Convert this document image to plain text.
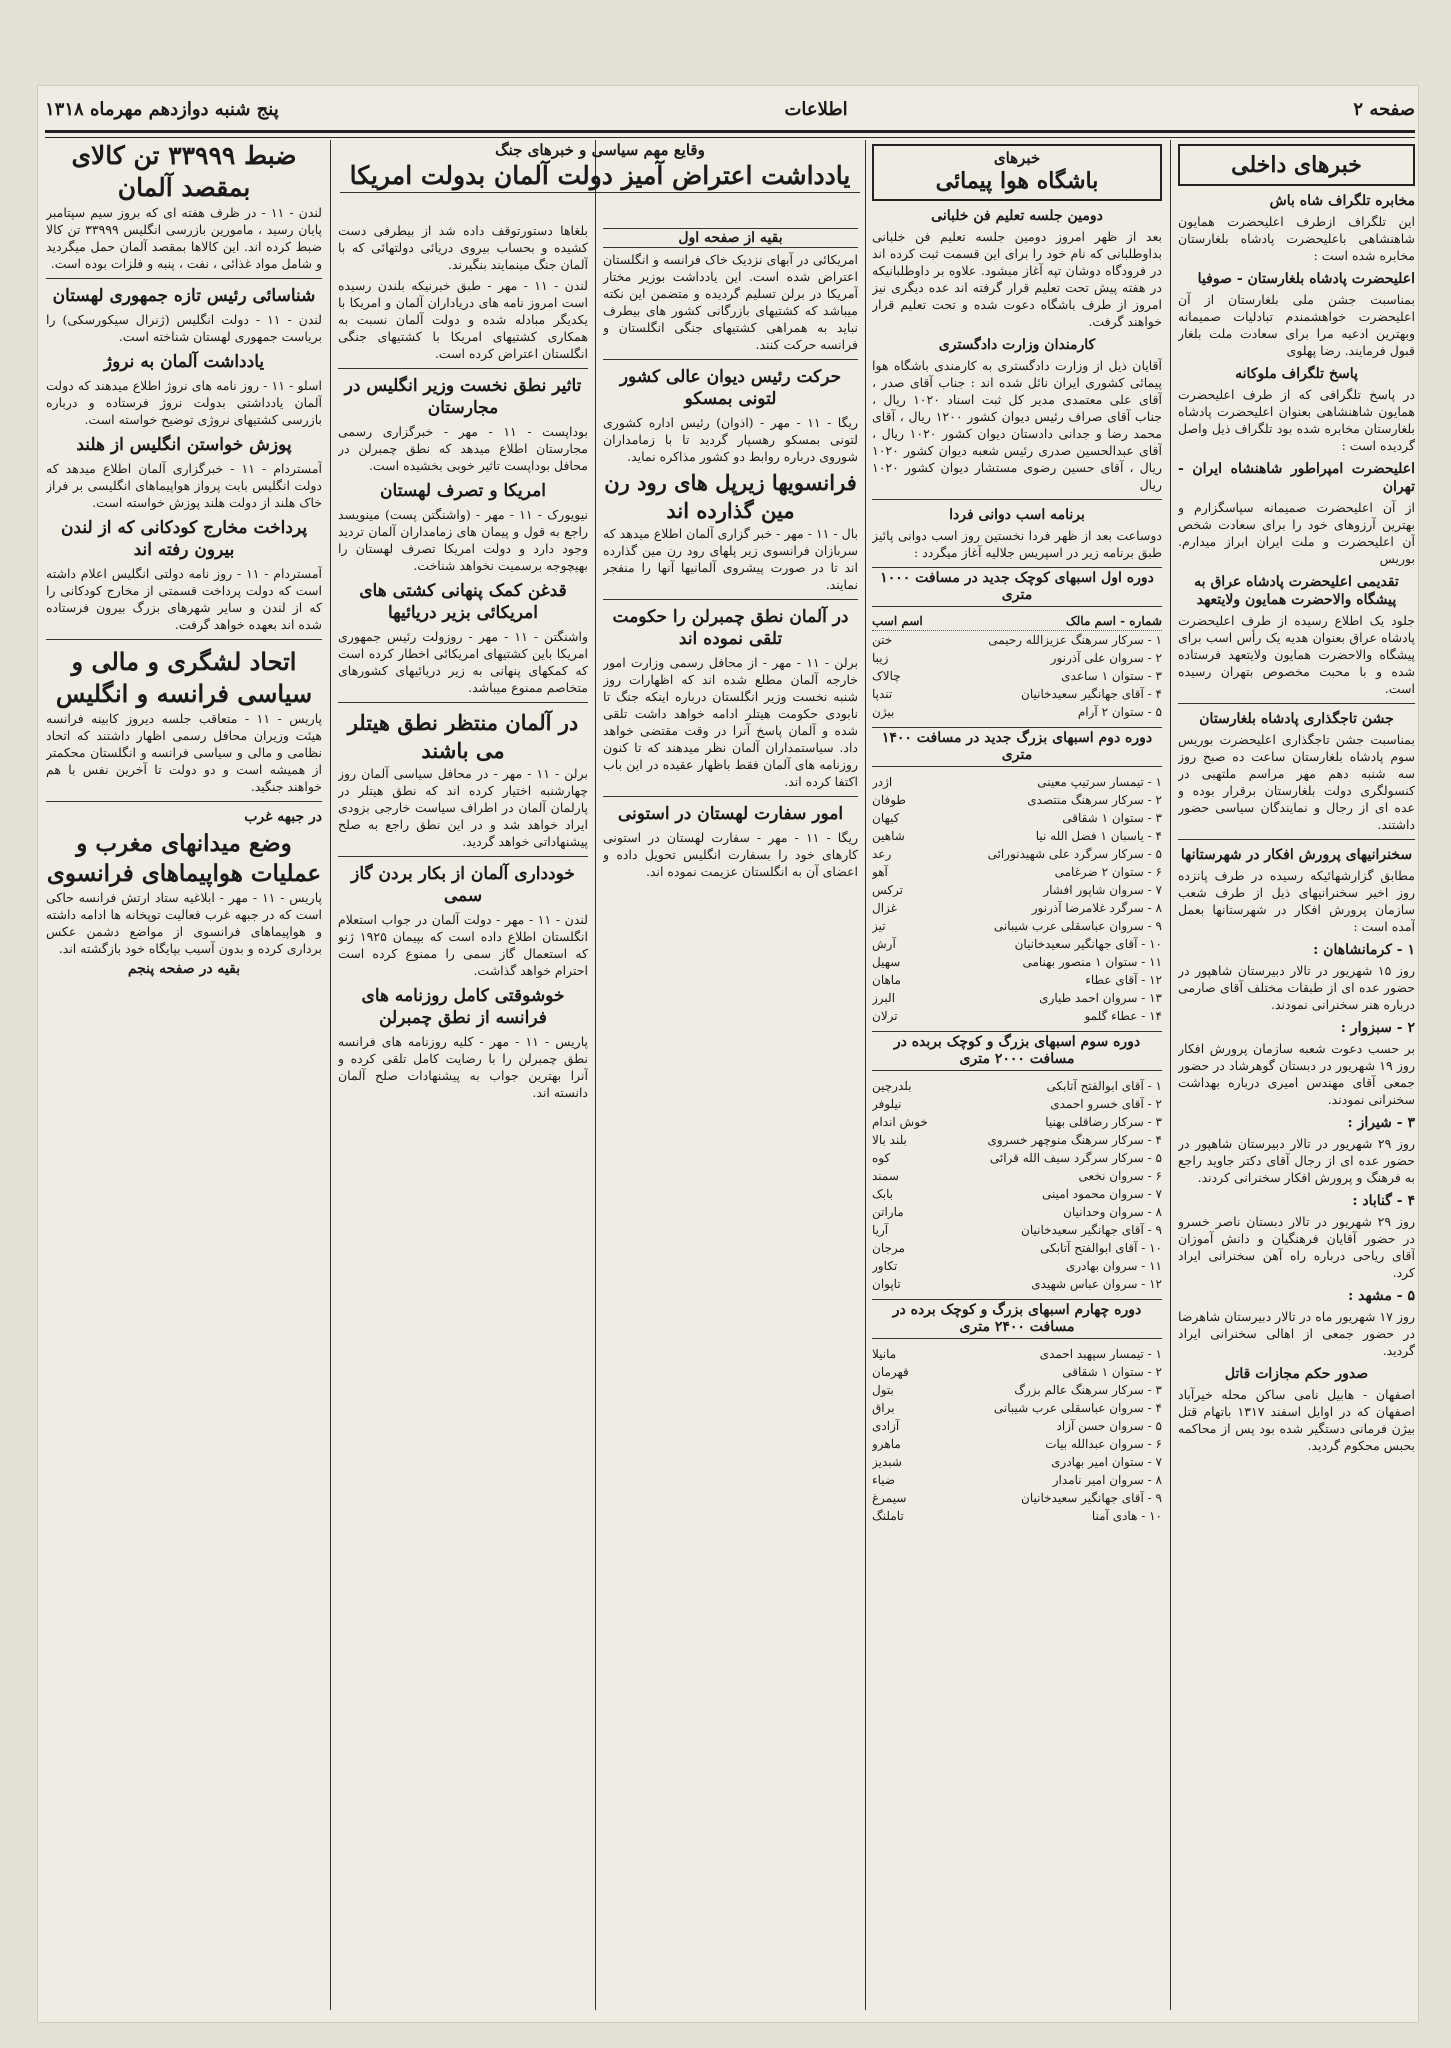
صفحه ۲
اطلاعات
پنج شنبه دوازدهم مهرماه ۱۳۱۸
وقایع مهم سیاسی و خبرهای جنگ
یادداشت اعتراض آمیز دولت آلمان بدولت امریکا	خبرهای داخلی
مخابره تلگراف شاه باش

این تلگراف ازطرف اعلیحضرت همایون شاهنشاهی باعلیحضرت پادشاه بلغارستان مخابره شده است :

اعلیحضرت پادشاه بلغارستان - صوفیا

بمناسبت جشن ملی بلغارستان از آن اعلیحضرت خواهشمندم تبادلیات صمیمانه وبهترین ادعیه مرا برای سعادت ملت بلغار قبول فرمایند. رضا پهلوی

پاسخ تلگراف ملوکانه

در پاسخ تلگرافی که از طرف اعلیحضرت همایون شاهنشاهی بعنوان اعلیحضرت پادشاه بلغارستان مخابره شده بود تلگراف ذیل واصل گردیده است :

اعلیحضرت امپراطور شاهنشاه ایران - تهران

از آن اعلیحضرت صمیمانه سپاسگزارم و بهترین آرزوهای خود را برای سعادت شخص آن اعلیحضرت و ملت ایران ابراز میدارم. بوریس

تقدیمی اعلیحضرت پادشاه عراق به پیشگاه والاحضرت همایون ولایتعهد

جلود یک اطلاع رسیده از طرف اعلیحضرت پادشاه عراق بعنوان هدیه یک رأس اسب برای پیشگاه والاحضرت همایون ولایتعهد فرستاده شده و با محبت مخصوص بتهران رسیده است.

جشن تاجگذاری پادشاه بلغارستان

بمناسبت جشن تاجگذاری اعلیحضرت بوریس سوم پادشاه بلغارستان ساعت ده صبح روز سه شنبه دهم مهر مراسم ملتهبی در کنسولگری دولت بلغارستان برقرار بوده و عده ای از رجال و نمایندگان سیاسی حضور داشتند.

سخنرانیهای پرورش افکار در شهرستانها

مطابق گزارشهائیکه رسیده در طرف پانزده روز اخیر سخنرانیهای ذیل از طرف شعب سازمان پرورش افکار در شهرستانها بعمل آمده است :

۱ - کرمانشاهان :

روز ۱۵ شهریور در تالار دبیرستان شاهپور در حضور عده ای از طبقات مختلف آقای صارمی درباره هنر سخنرانی نمودند.

۲ - سبزوار :

بر حسب دعوت شعبه سازمان پرورش افکار روز ۱۹ شهریور در دبستان گوهرشاد در حضور جمعی آقای مهندس امیری درباره بهداشت سخنرانی نمودند.

۳ - شیراز :

روز ۲۹ شهریور در تالار دبیرستان شاهپور در حضور عده ای از رجال آقای دکتر جاوید راجع به فرهنگ و پرورش افکار سخنرانی کردند.

۴ - گناباد :

روز ۲۹ شهریور در تالار دبستان ناصر خسرو در حضور آقایان فرهنگیان و دانش آموزان آقای ریاحی درباره راه آهن سخنرانی ایراد کرد.

۵ - مشهد :

روز ۱۷ شهریور ماه در تالار دبیرستان شاهرضا در حضور جمعی از اهالی سخنرانی ایراد گردید.

صدور حکم مجازات قاتل

اصفهان - هابیل نامی ساکن محله خیرآباد اصفهان که در اوایل اسفند ۱۳۱۷ باتهام قتل بیژن فرمانی دستگیر شده بود پس از محاکمه بحبس محکوم گردید.

خبرهای
باشگاه هوا پیمائی
دومین جلسه تعلیم فن خلبانی

بعد از ظهر امروز دومین جلسه تعلیم فن خلبانی بداوطلبانی که نام خود را برای این قسمت ثبت کرده اند در فرودگاه دوشان تپه آغاز میشود. علاوه بر داوطلبانیکه در هفته پیش تحت تعلیم قرار گرفته اند عده دیگری نیز امروز از طرف باشگاه دعوت شده و تحت تعلیم قرار خواهند گرفت.

کارمندان وزارت دادگستری

آقایان ذیل از وزارت دادگستری به کارمندی باشگاه هوا پیمائی کشوری ایران نائل شده اند : جناب آقای صدر ، آقای علی معتمدی مدیر کل ثبت اسناد ۱۰۲۰ ریال ، جناب آقای صراف رئیس دیوان کشور ۱۲۰۰ ریال ، آقای محمد رضا و جدانی دادستان دیوان کشور ۱۰۲۰ ریال ، آقای عبدالحسین صدری رئیس شعبه دیوان کشور ۱۰۲۰ ریال ، آقای حسین رضوی مستشار دیوان کشور ۱۰۲۰ ریال

برنامه اسب دوانی فردا

دوساعت بعد از ظهر فردا نخستین روز اسب دوانی پائیز طبق برنامه زیر در اسپریس جلالیه آغاز میگردد :

دوره اول اسبهای کوچک جدید در مسافت ۱۰۰۰ متری
شماره - اسم مالک
اسم اسب
۱ - سرکار سرهنگ عزیزالله رحیمی
ختن
۲ - سروان علی آذرنور
زیبا
۳ - ستوان ۱ ساعدی
چالاک
۴ - آقای جهانگیر سعیدخانیان
تندپا
۵ - ستوان ۲ آرام
بیژن
دوره دوم اسبهای بزرگ جدید در مسافت ۱۴۰۰ متری
۱ - تیمسار سرتیپ معینی
اژدر
۲ - سرکار سرهنگ منتصدی
طوفان
۳ - ستوان ۱ شقاقی
کیهان
۴ - یاسبان ۱ فضل الله نیا
شاهین
۵ - سرکار سرگرد علی شهیدنورائی
رعد
۶ - ستوان ۲ ضرغامی
آهو
۷ - سروان شاپور افشار
ترکس
۸ - سرگرد غلامرضا آذرنور
غزال
۹ - سروان عباسقلی عرب شیبانی
تیز
۱۰ - آقای جهانگیر سعیدخانیان
آرش
۱۱ - ستوان ۱ منصور بهنامی
سهیل
۱۲ - آقای عطاء
ماهان
۱۳ - سروان احمد طیاری
البرز
۱۴ - عطاء گلمو
ترلان
دوره سوم اسبهای بزرگ و کوچک بربده در مسافت ۲۰۰۰ متری
۱ - آقای ابوالفتح آتابکی
بلدرچین
۲ - آقای خسرو احمدی
نیلوفر
۳ - سرکار رضاقلی بهنیا
خوش اندام
۴ - سرکار سرهنگ منوچهر خسروی
بلند بالا
۵ - سرکار سرگرد سیف الله قرائی
کوه
۶ - سروان نخعی
سمند
۷ - سروان محمود امینی
بابک
۸ - سروان وحدانیان
ماراتن
۹ - آقای جهانگیر سعیدخانیان
آریا
۱۰ - آقای ابوالفتح آتابکی
مرجان
۱۱ - سروان بهادری
تکاور
۱۲ - سروان عباس شهیدی
تاپوان
دوره چهارم اسبهای بزرگ و کوچک برده در مسافت ۲۴۰۰ متری
۱ - تیمسار سپهبد احمدی
مانیلا
۲ - ستوان ۱ شقاقی
قهرمان
۳ - سرکار سرهنگ عالم بزرگ
بتول
۴ - سروان عباسقلی عرب شیبانی
براق
۵ - سروان حسن آزاد
آزادی
۶ - سروان عبدالله بیات
ماهرو
۷ - ستوان امیر بهادری
شبدیز
۸ - سروان امیر نامدار
ضیاء
۹ - آقای جهانگیر سعیدخانیان
سیمرغ
۱۰ - هادی آمنا
تاملنگ
بقیه از صفحه اول

امریکائی در آبهای نزدیک خاک فرانسه و انگلستان اعتراض شده است. این یادداشت بوزیر مختار آمریکا در برلن تسلیم گردیده و متضمن این نکته میباشد که کشتیهای بازرگانی کشور های بیطرف نباید به همراهی کشتیهای جنگی انگلستان و فرانسه حرکت کنند.

حرکت رئیس دیوان عالی کشور لتونی بمسکو

ریگا - ۱۱ - مهر - (اذوان) رئیس اداره کشوری لتونی بمسکو رهسپار گردید تا با زمامداران شوروی درباره روابط دو کشور مذاکره نماید.

فرانسویها زیرپل های رود رن مین گذارده اند

بال - ۱۱ - مهر - خبر گزاری آلمان اطلاع میدهد که سربازان فرانسوی زیر پلهای رود رن مین گذارده اند تا در صورت پیشروی آلمانیها آنها را منفجر نمایند.

در آلمان نطق چمبرلن را حکومت تلقی نموده اند

برلن - ۱۱ - مهر - از محافل رسمی وزارت امور خارجه آلمان مطلع شده اند که اظهارات روز شنبه نخست وزیر انگلستان درباره اینکه جنگ تا نابودی حکومت هیتلر ادامه خواهد داشت تلقی شده و آلمان پاسخ آنرا در وقت مقتضی خواهد داد. سیاستمداران آلمان نظر میدهند که تا کنون روزنامه های آلمان فقط باظهار عقیده در این باب اکتفا کرده اند.

امور سفارت لهستان در استونی

ریگا - ۱۱ - مهر - سفارت لهستان در استونی کارهای خود را بسفارت انگلیس تحویل داده و اعضای آن به انگلستان عزیمت نموده اند.

بلغاها دستورتوقف داده شد از بیطرفی دست کشیده و بحساب بیروی دریائی دولتهائی که با آلمان جنگ مینمایند بنگیرند.

لندن - ۱۱ - مهر - طبق خبرنیکه بلندن رسیده است امروز نامه های دریاداران آلمان و امریکا با یکدیگر مبادله شده و دولت آلمان نسبت به همکاری کشتیهای امریکا با کشتیهای جنگی انگلستان اعتراض کرده است.

تاثیر نطق نخست وزیر انگلیس در مجارستان

بوداپست - ۱۱ - مهر - خبرگزاری رسمی مجارستان اطلاع میدهد که نطق چمبرلن در محافل بوداپست تاثیر خوبی بخشیده است.

امریکا و تصرف لهستان

نیویورک - ۱۱ - مهر - (واشنگتن پست) مینویسد راجع به قول و پیمان های زمامداران آلمان تردید وجود دارد و دولت امریکا تصرف لهستان را بهیچوجه برسمیت نخواهد شناخت.

قدغن کمک پنهانی کشتی های امریکائی بزیر دریائیها

واشنگتن - ۱۱ - مهر - روزولت رئیس جمهوری امریکا باین کشتیهای امریکائی اخطار کرده است که کمکهای پنهانی به زیر دریائیهای کشورهای متخاصم ممنوع میباشد.

در آلمان منتظر نطق هیتلر می باشند

برلن - ۱۱ - مهر - در محافل سیاسی آلمان روز چهارشنبه اختیار کرده اند که نطق هیتلر در پارلمان آلمان در اطراف سیاست خارجی بزودی ایراد خواهد شد و در این نطق راجع به صلح پیشنهاداتی خواهد گردید.

خودداری آلمان از بکار بردن گاز سمی

لندن - ۱۱ - مهر - دولت آلمان در جواب استعلام انگلستان اطلاع داده است که بپیمان ۱۹۲۵ ژنو که استعمال گاز سمی را ممنوع کرده است احترام خواهد گذاشت.

خوشوقتی کامل روزنامه های فرانسه از نطق چمبرلن

پاریس - ۱۱ - مهر - کلیه روزنامه های فرانسه نطق چمبرلن را با رضایت کامل تلقی کرده و آنرا بهترین جواب به پیشنهادات صلح آلمان دانسته اند.

ضبط ۳۳۹۹۹ تن کالای بمقصد آلمان

لندن - ۱۱ - در ظرف هفته ای که بروز سیم سپتامبر پایان رسید ، مامورین بازرسی انگلیس ۳۳۹۹۹ تن کالا ضبط کرده اند. این کالاها بمقصد آلمان حمل میگردید و شامل مواد غذائی ، نفت ، پنبه و فلزات بوده است.

شناسائی رئیس تازه جمهوری لهستان

لندن - ۱۱ - دولت انگلیس (ژنرال سیکورسکی) را بریاست جمهوری لهستان شناخته است.

یادداشت آلمان به نروژ

اسلو - ۱۱ - روز نامه های نروژ اطلاع میدهند که دولت آلمان یادداشتی بدولت نروژ فرستاده و درباره بازرسی کشتیهای نروژی توضیح خواسته است.

پوزش خواستن انگلیس از هلند

آمستردام - ۱۱ - خبرگزاری آلمان اطلاع میدهد که دولت انگلیس بابت پرواز هواپیماهای انگلیسی بر فراز خاک هلند از دولت هلند پوزش خواسته است.

پرداخت مخارج کودکانی که از لندن بیرون رفته اند

آمستردام - ۱۱ - روز نامه دولتی انگلیس اعلام داشته است که دولت پرداخت قسمتی از مخارج کودکانی را که از لندن و سایر شهرهای بزرگ بیرون فرستاده شده اند بعهده خواهد گرفت.

اتحاد لشگری و مالی و سیاسی فرانسه و انگلیس

پاریس - ۱۱ - متعاقب جلسه دیروز کابینه فرانسه هیئت وزیران محافل رسمی اظهار داشتند که اتحاد نظامی و مالی و سیاسی فرانسه و انگلستان محکمتر از همیشه است و دو دولت تا آخرین نفس با هم خواهند جنگید.

در جبهه غرب
وضع میدانهای مغرب و عملیات هواپیماهای فرانسوی

پاریس - ۱۱ - مهر - ابلاغیه ستاد ارتش فرانسه حاکی است که در جبهه غرب فعالیت توپخانه ها ادامه داشته و هواپیماهای فرانسوی از مواضع دشمن عکس برداری کرده و بدون آسیب بپایگاه خود بازگشته اند.

بقیه در صفحه پنجم
